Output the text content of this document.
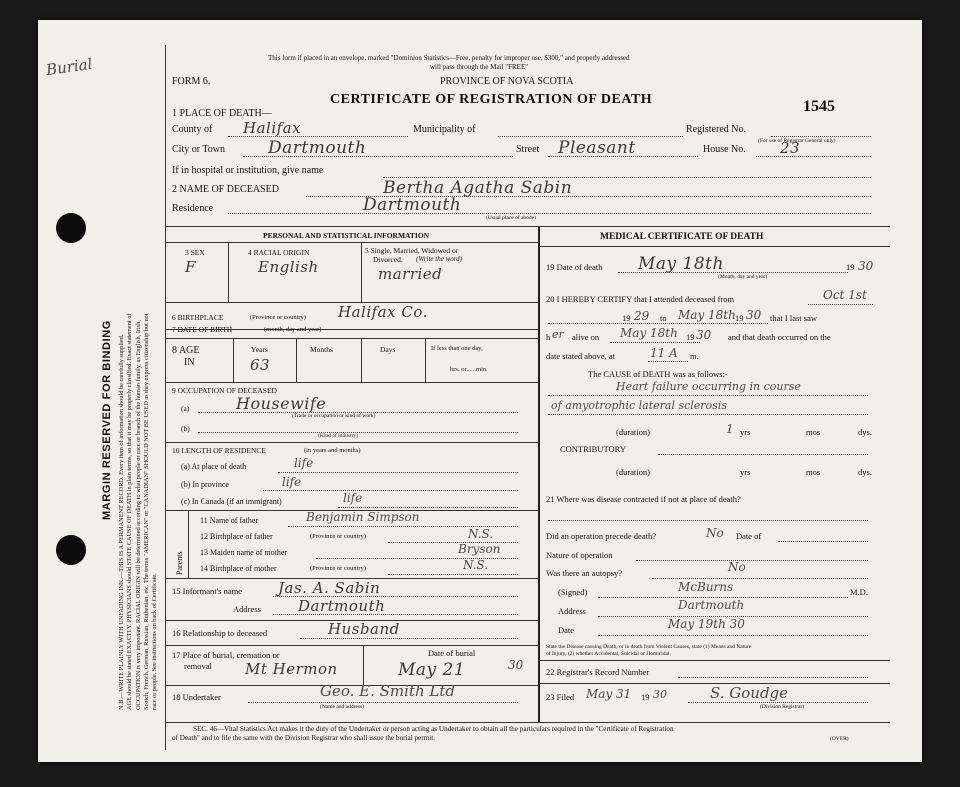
Burial
MARGIN RESERVED FOR BINDING N.B.—WRITE PLAINLY WITH UNFADING INK.—THIS IS A PERMANENT RECORD. Every item of information should be carefully supplied. AGE should be stated EXACTLY. PHYSICIANS should STATE CAUSE OF DEATH in plain terms, so that it may be properly classified. Exact statement of OCCUPATION is very important. RACIAL ORIGIN will be determined according to what people or race or branch of the human family, as English, Irish, Scotch, French, German, Russian, Ruthenian, etc. The terms "AMERICAN" or "CANADIAN" SHOULD NOT BE USED as they express citizenship but not race or people. See instructions on back of Certificate.
This form if placed in an envelope, marked "Dominion Statistics—Free, penalty for improper use, $300," and properly addressed
will pass through the Mail "FREE"
FORM 6.	PROVINCE OF NOVA SCOTIA
CERTIFICATE OF REGISTRATION OF DEATH	1545
1 PLACE OF DEATH—
County of Halifax	Municipality of	Registered No.
(For use of Registrar General only)
City or Town	Dartmouth	Street Pleasant	House No. 23
If in hospital or institution, give name
2 NAME OF DECEASED	Bertha Agatha Sabin
Residence	Dartmouth
(Usual place of abode)
PERSONAL AND STATISTICAL INFORMATION
3 SEX
F
4 RACIAL ORIGIN
English
5 Single, Married, Widowed or
Divorced. (Write the word)
married
6 BIRTHPLACE	(Province or country) Halifax Co.
7 DATE OF BIRTH	(month, day and year)
8 AGE
IN
Years
63
Months	Days	If less than one day,
hrs. or......min.
9 OCCUPATION OF DECEASED
(a)	Housewife
(Trade or occupation or kind of work)
(b)
(Kind of industry)
10 LENGTH OF RESIDENCE	(in years and months)
(a) At place of death	life
(b) In province	life
(c) In Canada (if an immigrant)	life
Parents
11 Name of father	Benjamin Simpson
12 Birthplace of father	(Province or country)	N.S.
13 Maiden name of mother	Bryson
14 Birthplace of mother	(Province or country)	N.S.
15 Informant's name Jas. A. Sabin
Address Dartmouth
16 Relationship to deceased	Husband
17 Place of burial, cremation or
removal Mt Hermon
Date of burial
May 21	30
18 Undertaker	Geo. E. Smith Ltd
(Name and address)
MEDICAL CERTIFICATE OF DEATH
19 Date of death May 18th	19 30
(Month, day and year)
20 I HEREBY CERTIFY that I attended deceased from	Oct 1st
19 29 to May 18th 19 30 that I last saw
h er alive on May 18th 19 30 and that death occurred on the
date stated above, at	11 A m.
The CAUSE of DEATH was as follows:-
Heart failure occurring in course
of amyotrophic lateral sclerosis
(duration)	1 yrs	mos	dys.
CONTRIBUTORY
(duration)	yrs	mos	dys.
21 Where was disease contracted if not at place of death?
Did an operation precede death?	No Date of
Nature of operation
Was there an autopsy?	No
(Signed)	McBurns	M.D.
Address	Dartmouth
Date	May 19th 30
State the Disease causing Death, or in death from Violent Causes, state (1) Means and Nature
of Injury, (2) whether Accidental, Suicidal or Homicidal.
22 Registrar's Record Number
23 Filed May 31 19 30	S. Goudge
(Division Registrar)
SEC. 46—Vital Statistics Act makes it the duty of the Undertaker or person acting as Undertaker to obtain all the particulars required in the "Certificate of Registration
of Death" and to file the same with the Division Registrar who shall issue the burial permit.	(OVER)
